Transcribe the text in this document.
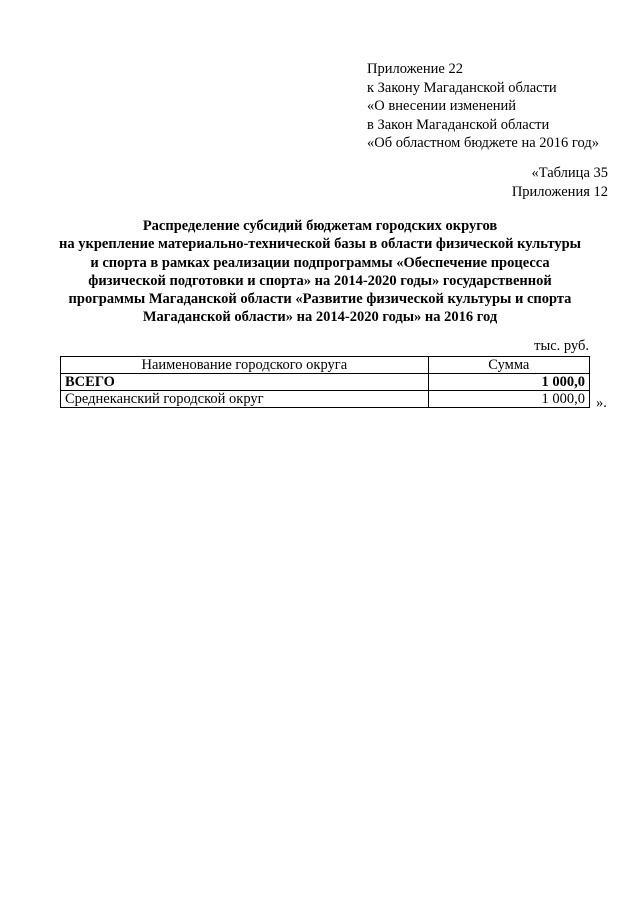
Приложение 22
к Закону Магаданской области
«О внесении изменений
в Закон Магаданской области
«Об областном бюджете на 2016 год»
«Таблица 35
Приложения 12
Распределение субсидий бюджетам городских округов
на укрепление материально-технической базы в области физической культуры
и спорта в рамках реализации подпрограммы «Обеспечение процесса
физической подготовки и спорта» на 2014-2020 годы» государственной
программы Магаданской области «Развитие физической культуры и спорта
Магаданской области» на 2014-2020 годы» на 2016 год
тыс. руб.
Наименование городского округа	Сумма
ВСЕГО	1 000,0
Среднеканский городской округ	1 000,0 ».
